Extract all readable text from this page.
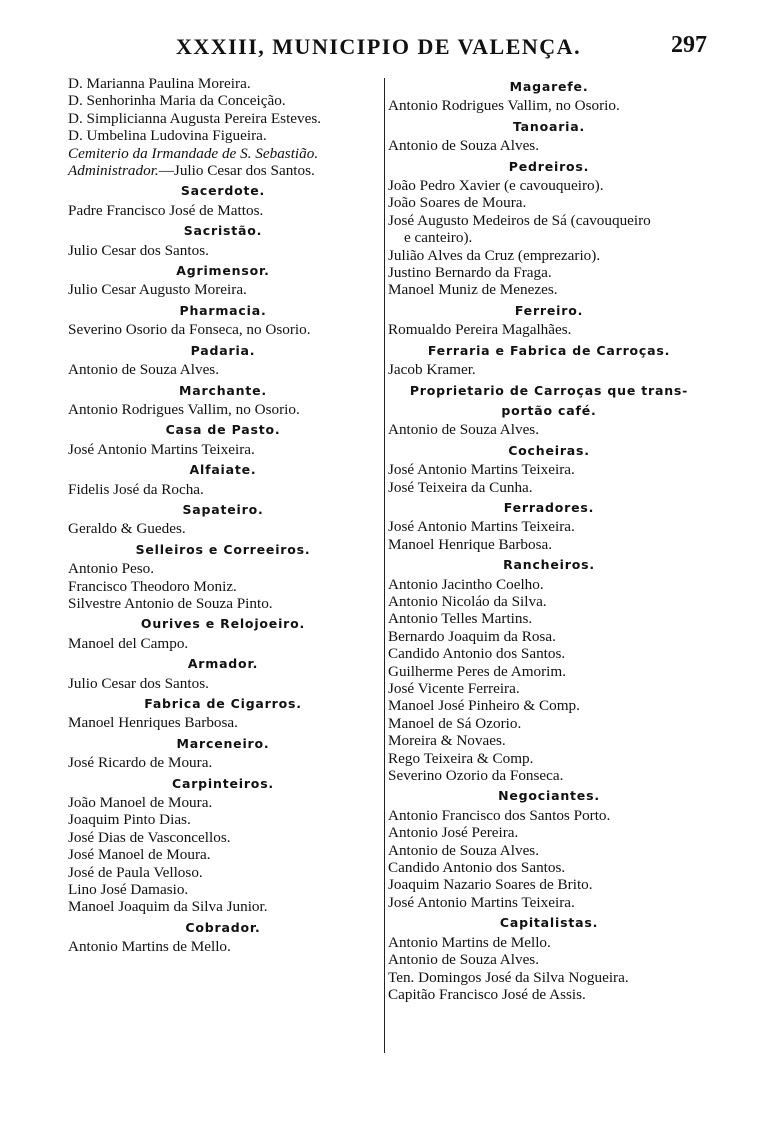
XXXIII, MUNICIPIO DE VALENÇA.	297
D. Marianna Paulina Moreira.
D. Senhorinha Maria da Conceição.
D. Simplicianna Augusta Pereira Esteves.
D. Umbelina Ludovina Figueira.
Cemiterio da Irmandade de S. Sebastião.
Administrador.—Julio Cesar dos Santos.
Sacerdote.
Padre Francisco José de Mattos.
Sacristão.
Julio Cesar dos Santos.
Agrimensor.
Julio Cesar Augusto Moreira.
Pharmacia.
Severino Osorio da Fonseca, no Osorio.
Padaria.
Antonio de Souza Alves.
Marchante.
Antonio Rodrigues Vallim, no Osorio.
Casa de Pasto.
José Antonio Martins Teixeira.
Alfaiate.
Fidelis José da Rocha.
Sapateiro.
Geraldo & Guedes.
Selleiros e Correeiros.
Antonio Peso.
Francisco Theodoro Moniz.
Silvestre Antonio de Souza Pinto.
Ourives e Relojoeiro.
Manoel del Campo.
Armador.
Julio Cesar dos Santos.
Fabrica de Cigarros.
Manoel Henriques Barbosa.
Marceneiro.
José Ricardo de Moura.
Carpinteiros.
João Manoel de Moura.
Joaquim Pinto Dias.
José Dias de Vasconcellos.
José Manoel de Moura.
José de Paula Velloso.
Lino José Damasio.
Manoel Joaquim da Silva Junior.
Cobrador.
Antonio Martins de Mello.
Magarefe.
Antonio Rodrigues Vallim, no Osorio.
Tanoaria.
Antonio de Souza Alves.
Pedreiros.
João Pedro Xavier (e cavouqueiro).
João Soares de Moura.
José Augusto Medeiros de Sá (cavouqueiro
e canteiro).
Julião Alves da Cruz (emprezario).
Justino Bernardo da Fraga.
Manoel Muniz de Menezes.
Ferreiro.
Romualdo Pereira Magalhães.
Ferraria e Fabrica de Carroças.
Jacob Kramer.
Proprietario de Carroças que trans-
portão café.
Antonio de Souza Alves.
Cocheiras.
José Antonio Martins Teixeira.
José Teixeira da Cunha.
Ferradores.
José Antonio Martins Teixeira.
Manoel Henrique Barbosa.
Rancheiros.
Antonio Jacintho Coelho.
Antonio Nicoláo da Silva.
Antonio Telles Martins.
Bernardo Joaquim da Rosa.
Candido Antonio dos Santos.
Guilherme Peres de Amorim.
José Vicente Ferreira.
Manoel José Pinheiro & Comp.
Manoel de Sá Ozorio.
Moreira & Novaes.
Rego Teixeira & Comp.
Severino Ozorio da Fonseca.
Negociantes.
Antonio Francisco dos Santos Porto.
Antonio José Pereira.
Antonio de Souza Alves.
Candido Antonio dos Santos.
Joaquim Nazario Soares de Brito.
José Antonio Martins Teixeira.
Capitalistas.
Antonio Martins de Mello.
Antonio de Souza Alves.
Ten. Domingos José da Silva Nogueira.
Capitão Francisco José de Assis.
